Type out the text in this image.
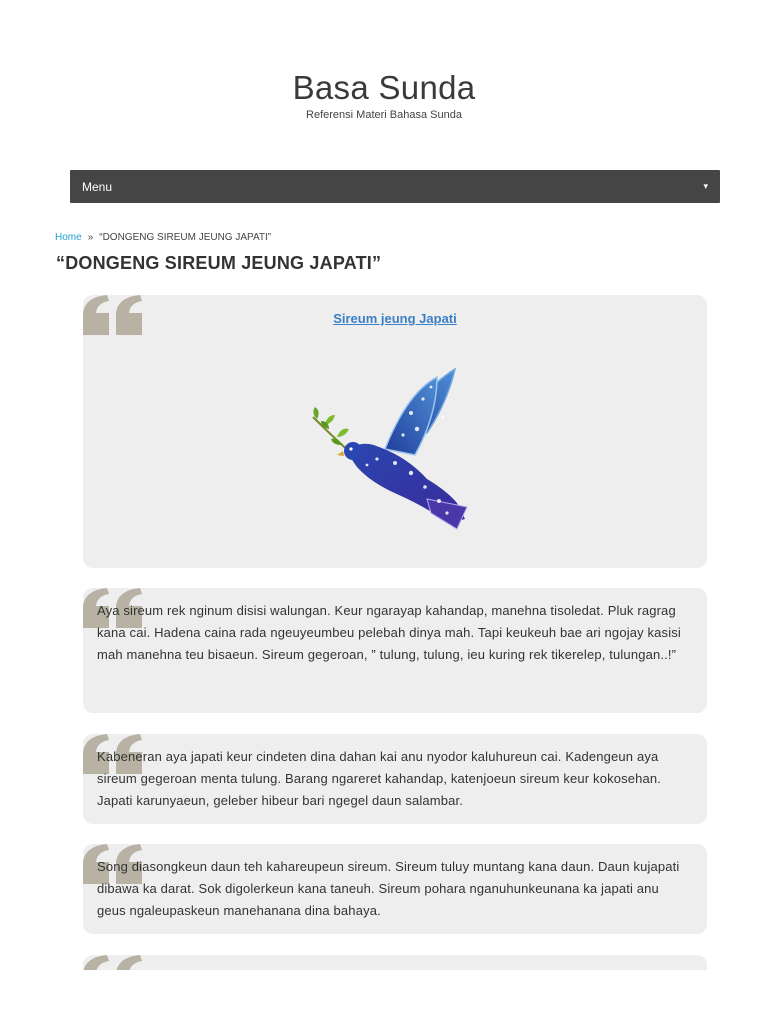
Basa Sunda
Referensi Materi Bahasa Sunda
Menu	▾
Home » “DONGENG SIREUM JEUNG JAPATI”
“DONGENG SIREUM JEUNG JAPATI”
Sireum jeung Japati
Aya sireum rek nginum disisi walungan. Keur ngarayap kahandap, manehna tisoledat. Pluk ragrag kana cai. Hadena caina rada ngeuyeumbeu pelebah dinya mah. Tapi keukeuh bae ari ngojay kasisi mah manehna teu bisaeun. Sireum gegeroan, ” tulung, tulung, ieu kuring rek tikerelep, tulungan..!”
Kabeneran aya japati keur cindeten dina dahan kai anu nyodor kaluhureun cai. Kadengeun aya sireum gegeroan menta tulung. Barang ngareret kahandap, katenjoeun sireum keur kokosehan. Japati karunyaeun, geleber hibeur bari ngegel daun salambar.
Song diasongkeun daun teh kahareupeun sireum. Sireum tuluy muntang kana daun. Daun kujapati dibawa ka darat. Sok digolerkeun kana taneuh. Sireum pohara nganuhunkeunana ka japati anu geus ngaleupaskeun manehanana dina bahaya.
